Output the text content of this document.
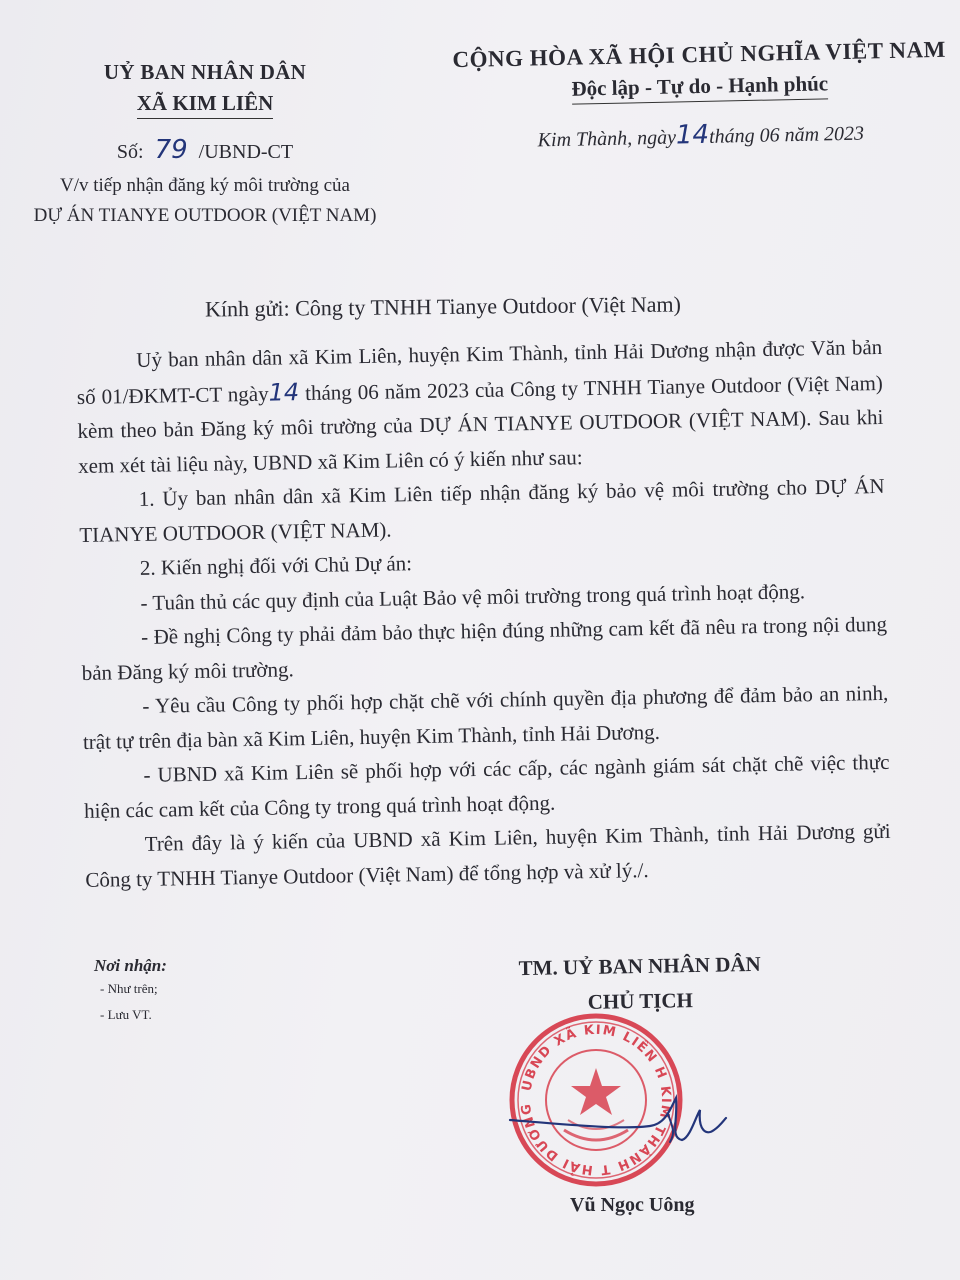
UỶ BAN NHÂN DÂN
XÃ KIM LIÊN
Số: 79 /UBND-CT
V/v tiếp nhận đăng ký môi trường của
DỰ ÁN TIANYE OUTDOOR (VIỆT NAM)
CỘNG HÒA XÃ HỘI CHỦ NGHĨA VIỆT NAM
Độc lập - Tự do - Hạnh phúc
Kim Thành, ngày14tháng 06 năm 2023
Kính gửi: Công ty TNHH Tianye Outdoor (Việt Nam)

Uỷ ban nhân dân xã Kim Liên, huyện Kim Thành, tỉnh Hải Dương nhận được Văn bản số 01/ĐKMT-CT ngày14 tháng 06 năm 2023 của Công ty TNHH Tianye Outdoor (Việt Nam) kèm theo bản Đăng ký môi trường của DỰ ÁN TIANYE OUTDOOR (VIỆT NAM). Sau khi xem xét tài liệu này, UBND xã Kim Liên có ý kiến như sau:

1. Ủy ban nhân dân xã Kim Liên tiếp nhận đăng ký bảo vệ môi trường cho DỰ ÁN TIANYE OUTDOOR (VIỆT NAM).

2. Kiến nghị đối với Chủ Dự án:

- Tuân thủ các quy định của Luật Bảo vệ môi trường trong quá trình hoạt động.

- Đề nghị Công ty phải đảm bảo thực hiện đúng những cam kết đã nêu ra trong nội dung bản Đăng ký môi trường.

- Yêu cầu Công ty phối hợp chặt chẽ với chính quyền địa phương để đảm bảo an ninh, trật tự trên địa bàn xã Kim Liên, huyện Kim Thành, tỉnh Hải Dương.

- UBND xã Kim Liên sẽ phối hợp với các cấp, các ngành giám sát chặt chẽ việc thực hiện các cam kết của Công ty trong quá trình hoạt động.

Trên đây là ý kiến của UBND xã Kim Liên, huyện Kim Thành, tỉnh Hải Dương gửi Công ty TNHH Tianye Outdoor (Việt Nam) để tổng hợp và xử lý./.

Nơi nhận:
- Như trên;
- Lưu VT.
TM. UỶ BAN NHÂN DÂN
CHỦ TỊCH
UBND XÃ KIM LIÊN H KIM THÀNH T HẢI DƯƠNG
Vũ Ngọc Uông
